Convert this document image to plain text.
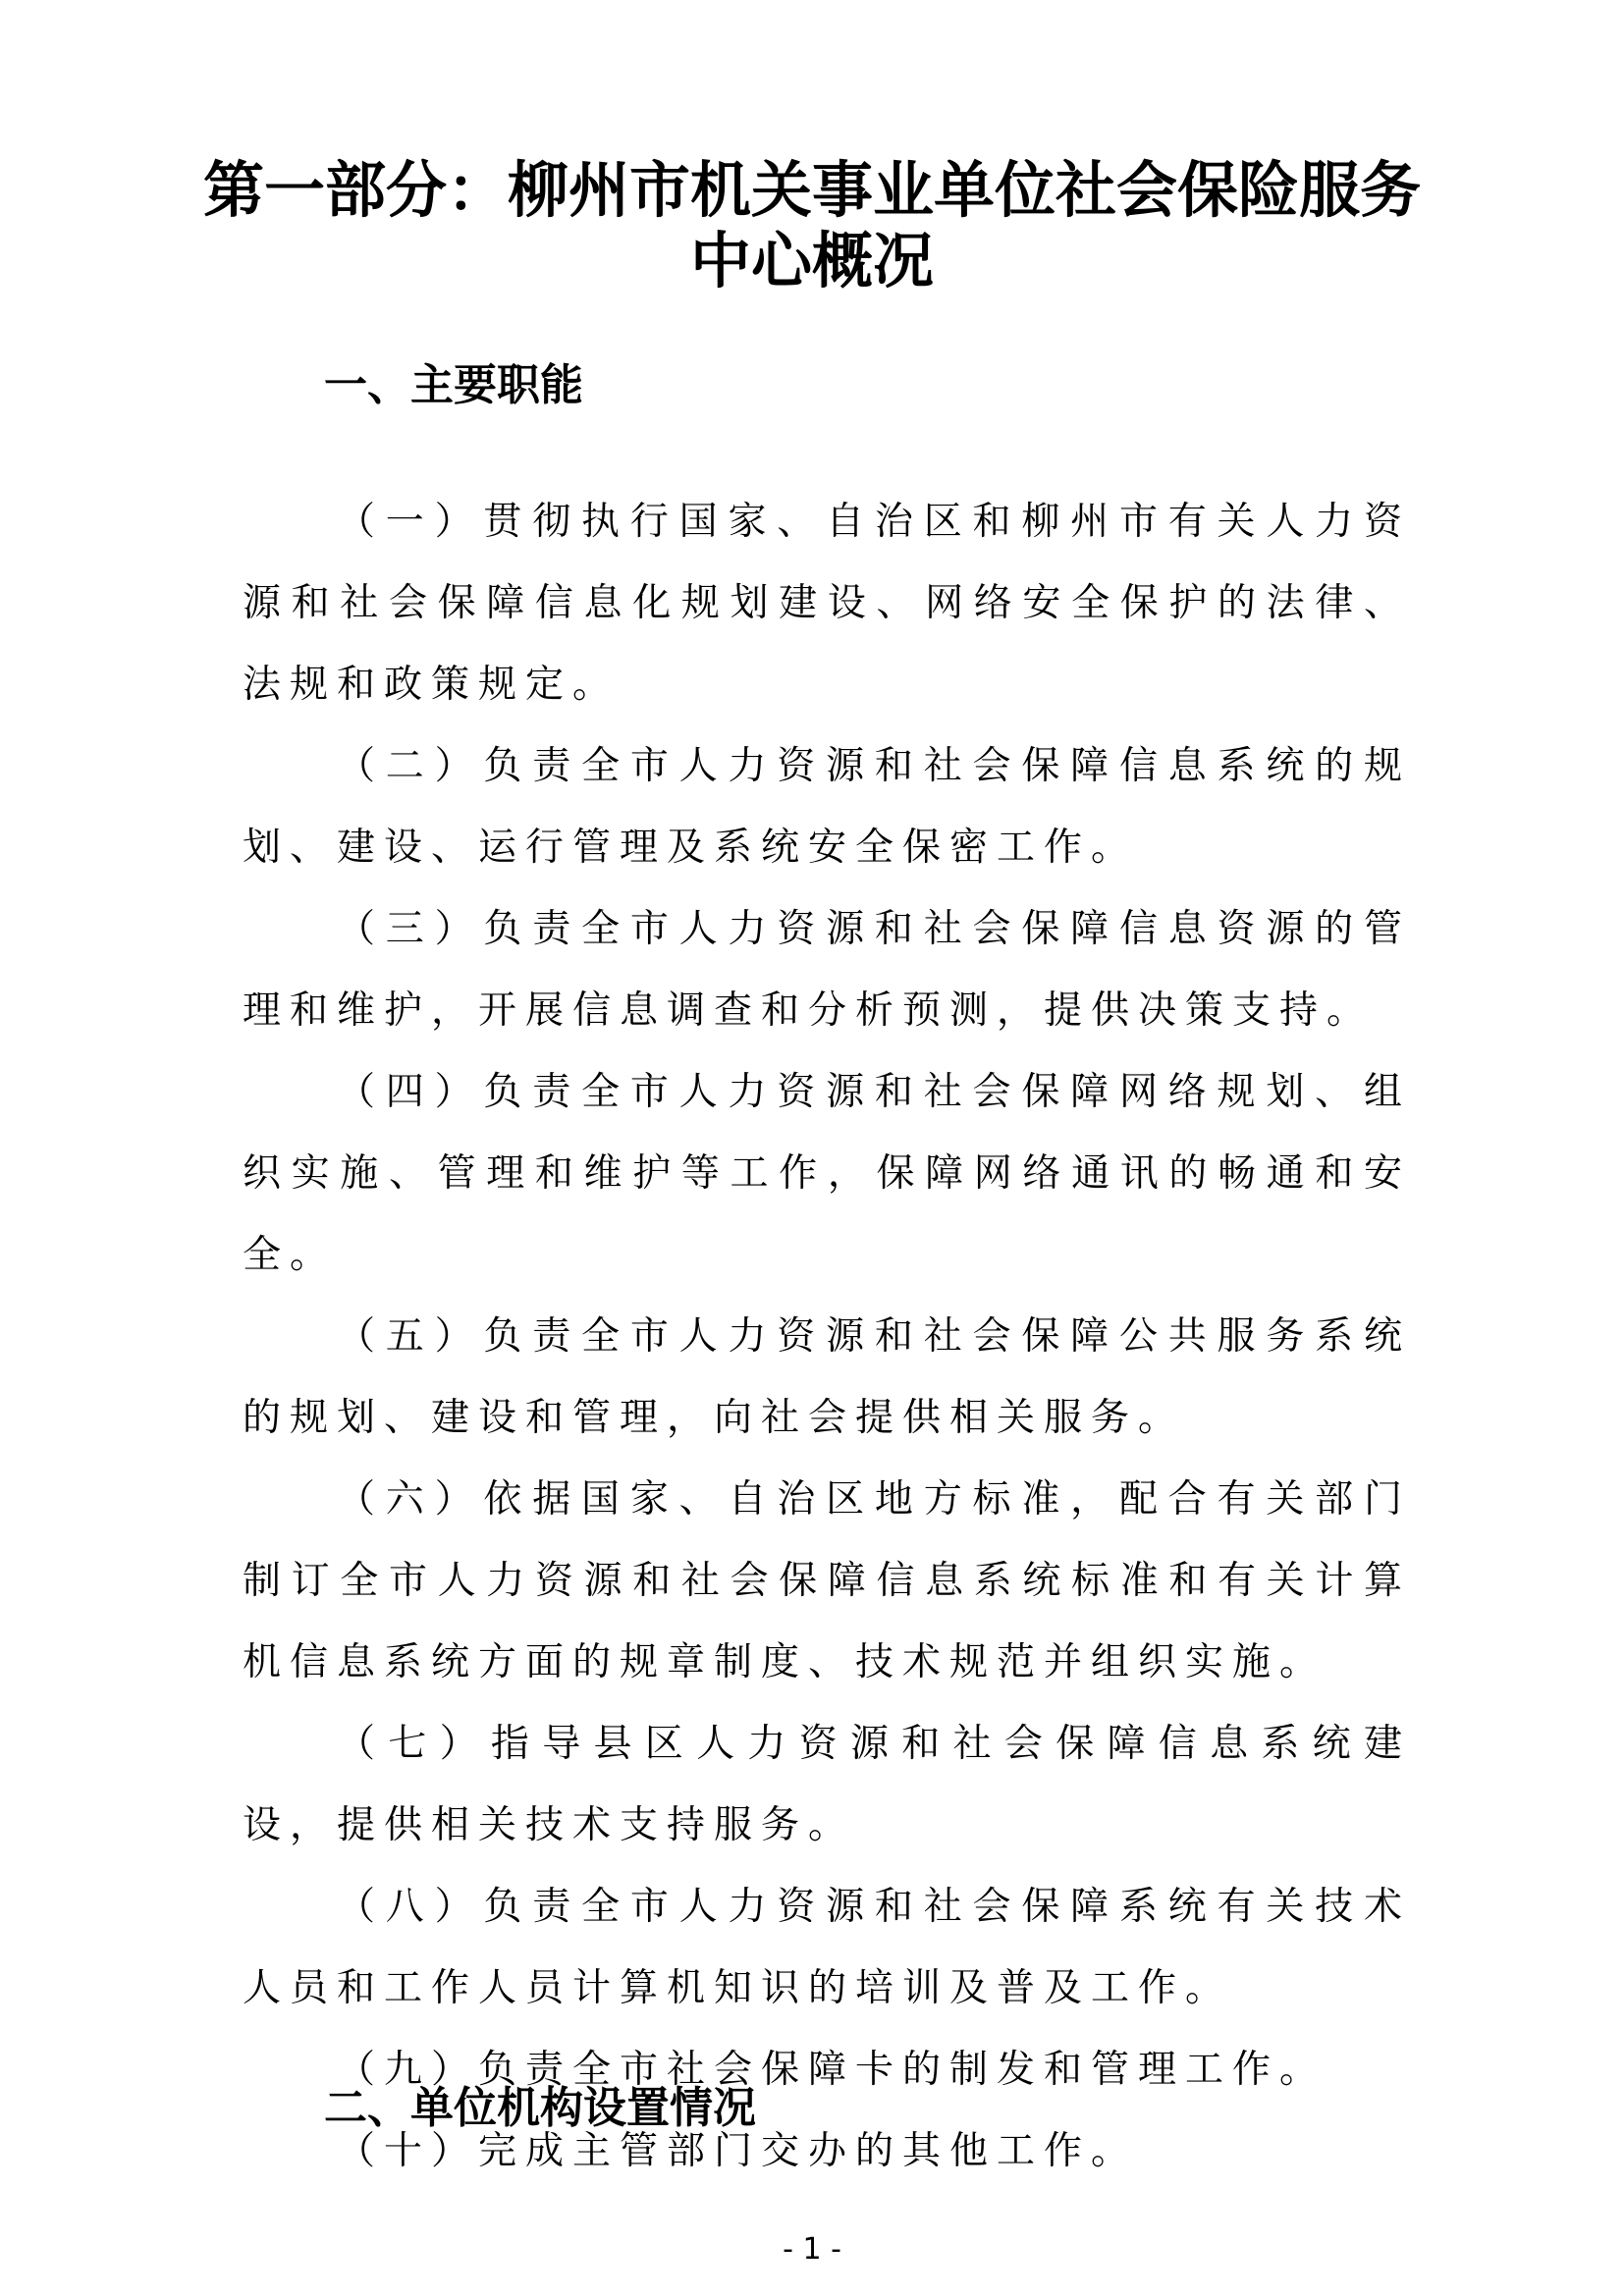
第一部分：柳州市机关事业单位社会保险服务中心概况
一、主要职能
（一）贯彻执行国家、自治区和柳州市有关人力资源和社会保障信息化规划建设、网络安全保护的法律、法规和政策规定。
（二）负责全市人力资源和社会保障信息系统的规划、建设、运行管理及系统安全保密工作。
（三）负责全市人力资源和社会保障信息资源的管理和维护，开展信息调查和分析预测，提供决策支持。
（四）负责全市人力资源和社会保障网络规划、组织实施、管理和维护等工作，保障网络通讯的畅通和安全。
（五）负责全市人力资源和社会保障公共服务系统的规划、建设和管理，向社会提供相关服务。
（六）依据国家、自治区地方标准，配合有关部门制订全市人力资源和社会保障信息系统标准和有关计算机信息系统方面的规章制度、技术规范并组织实施。
（七）指导县区人力资源和社会保障信息系统建设，提供相关技术支持服务。
（八）负责全市人力资源和社会保障系统有关技术人员和工作人员计算机知识的培训及普及工作。
（九）负责全市社会保障卡的制发和管理工作。
（十）完成主管部门交办的其他工作。
二、单位机构设置情况
- 1 -
